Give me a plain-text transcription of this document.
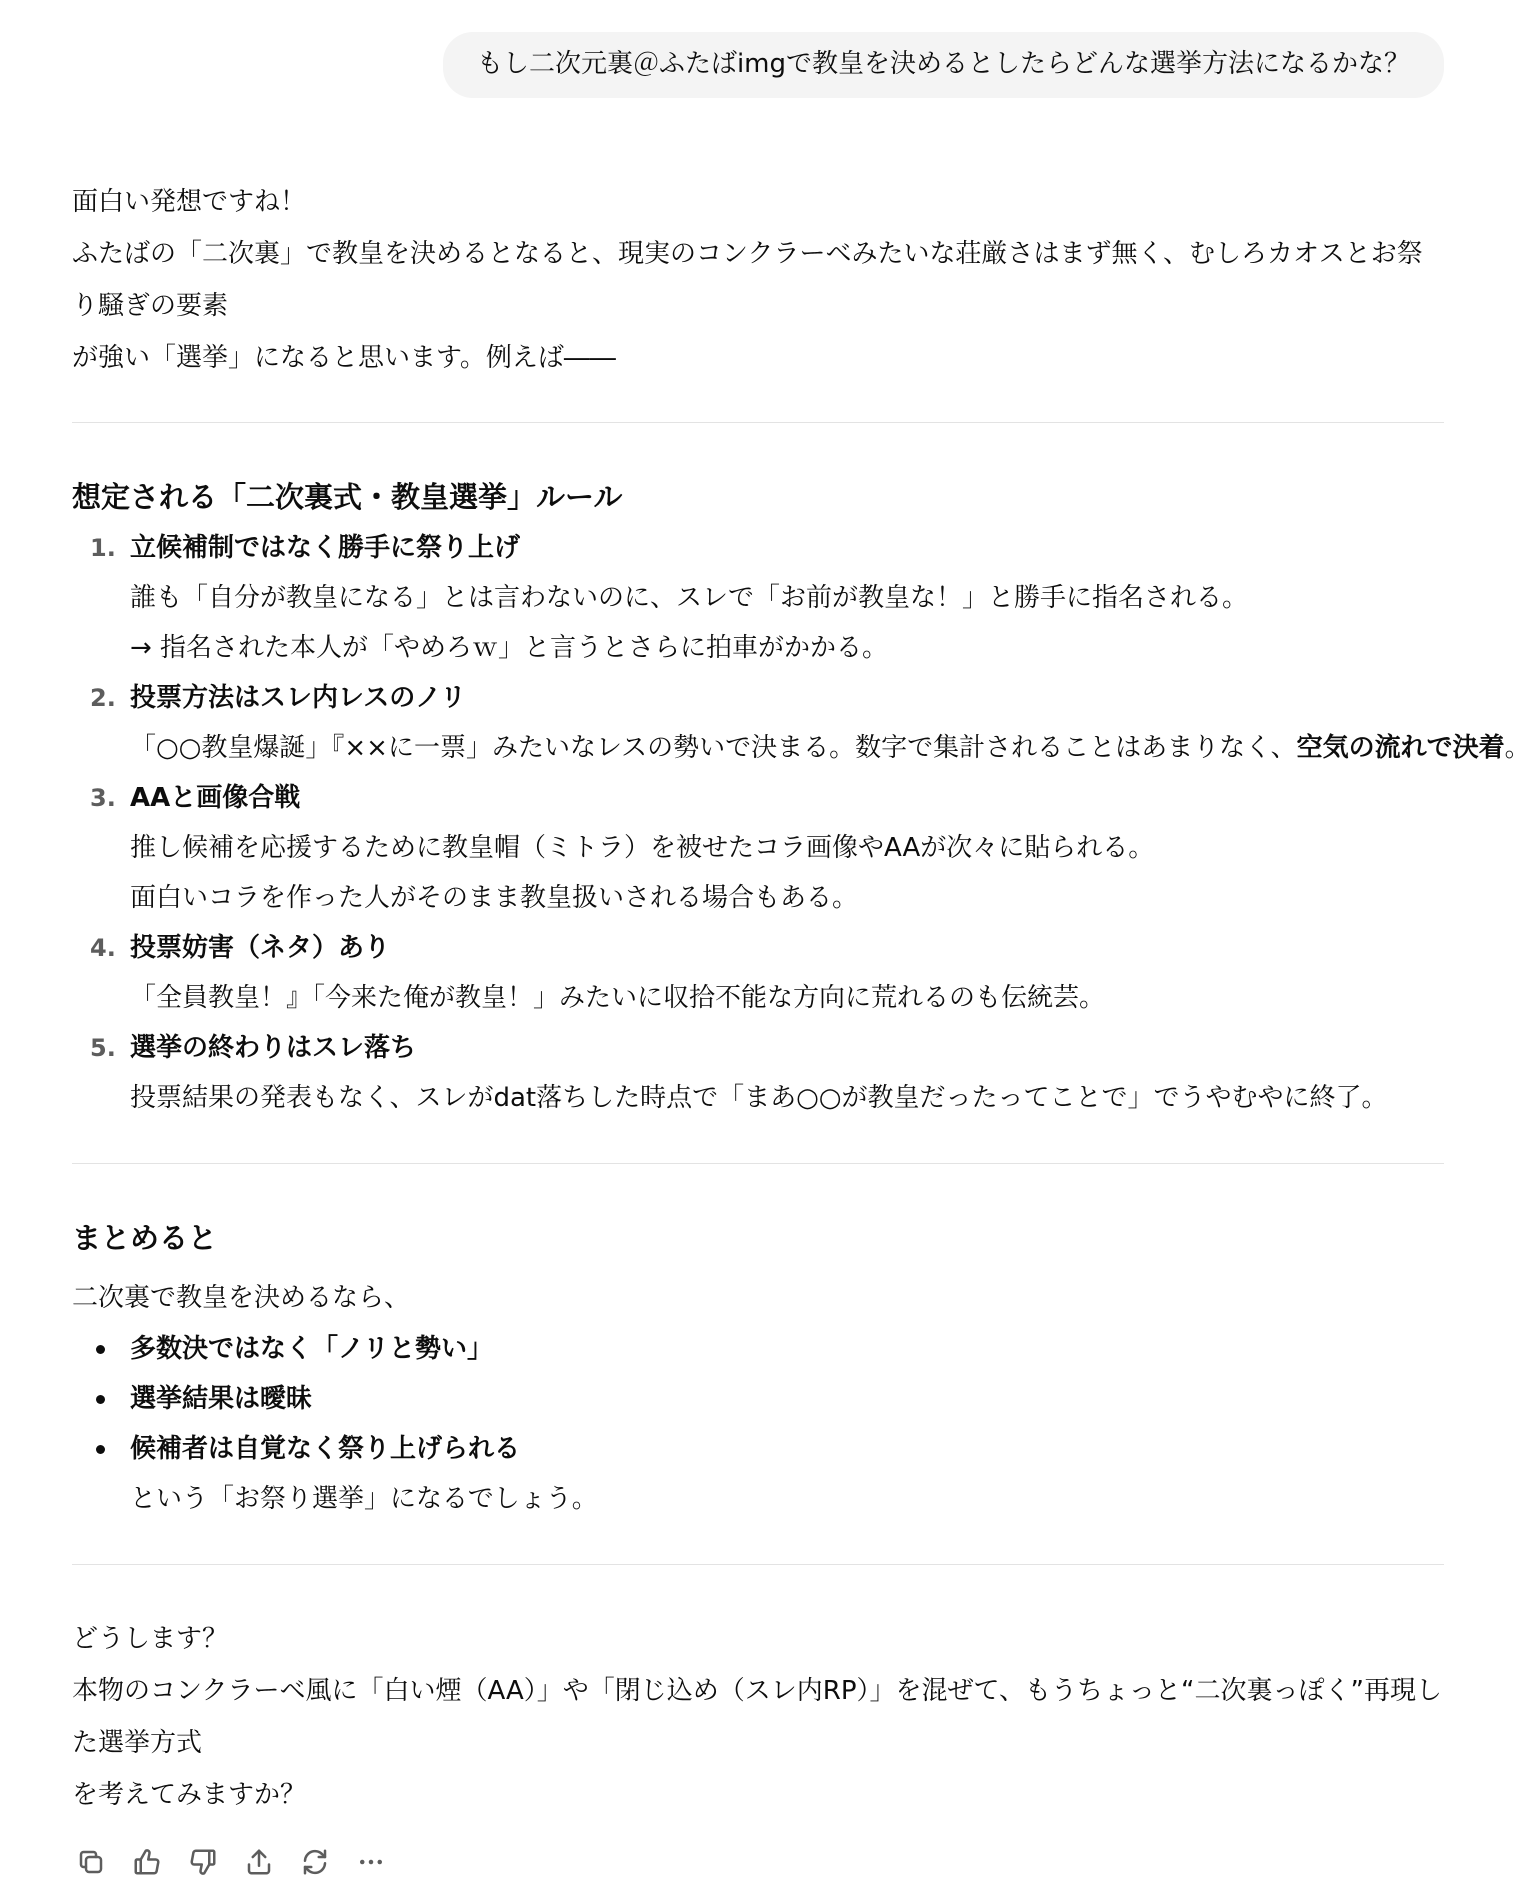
もし二次元裏＠ふたばimgで教皇を決めるとしたらどんな選挙方法になるかな？

面白い発想ですね！

ふたばの「二次裏」で教皇を決めるとなると、現実のコンクラーベみたいな荘厳さはまず無く、むしろカオスとお祭り騒ぎの要素

が強い「選挙」になると思います。例えば――

想定される「二次裏式・教皇選挙」ルール
1. 立候補制ではなく勝手に祭り上げ
誰も「自分が教皇になる」とは言わないのに、スレで「お前が教皇な！」と勝手に指名される。
→ 指名された本人が「やめろｗ」と言うとさらに拍車がかかる。
2. 投票方法はスレ内レスのノリ
「○○教皇爆誕」『××に一票」みたいなレスの勢いで決まる。数字で集計されることはあまりなく、空気の流れで決着。
3. AAと画像合戦
推し候補を応援するために教皇帽（ミトラ）を被せたコラ画像やAAが次々に貼られる。
面白いコラを作った人がそのまま教皇扱いされる場合もある。
4. 投票妨害（ネタ）あり
「全員教皇！』「今来た俺が教皇！」みたいに収拾不能な方向に荒れるのも伝統芸。
5. 選挙の終わりはスレ落ち
投票結果の発表もなく、スレがdat落ちした時点で「まあ○○が教皇だったってことで」でうやむやに終了。
まとめると

二次裏で教皇を決めるなら、

多数決ではなく「ノリと勢い」
選挙結果は曖昧
候補者は自覚なく祭り上げられる
という「お祭り選挙」になるでしょう。

どうします？

本物のコンクラーベ風に「白い煙（AA）」や「閉じ込め（スレ内RP）」を混ぜて、もうちょっと“二次裏っぽく”再現した選挙方式

を考えてみますか？
